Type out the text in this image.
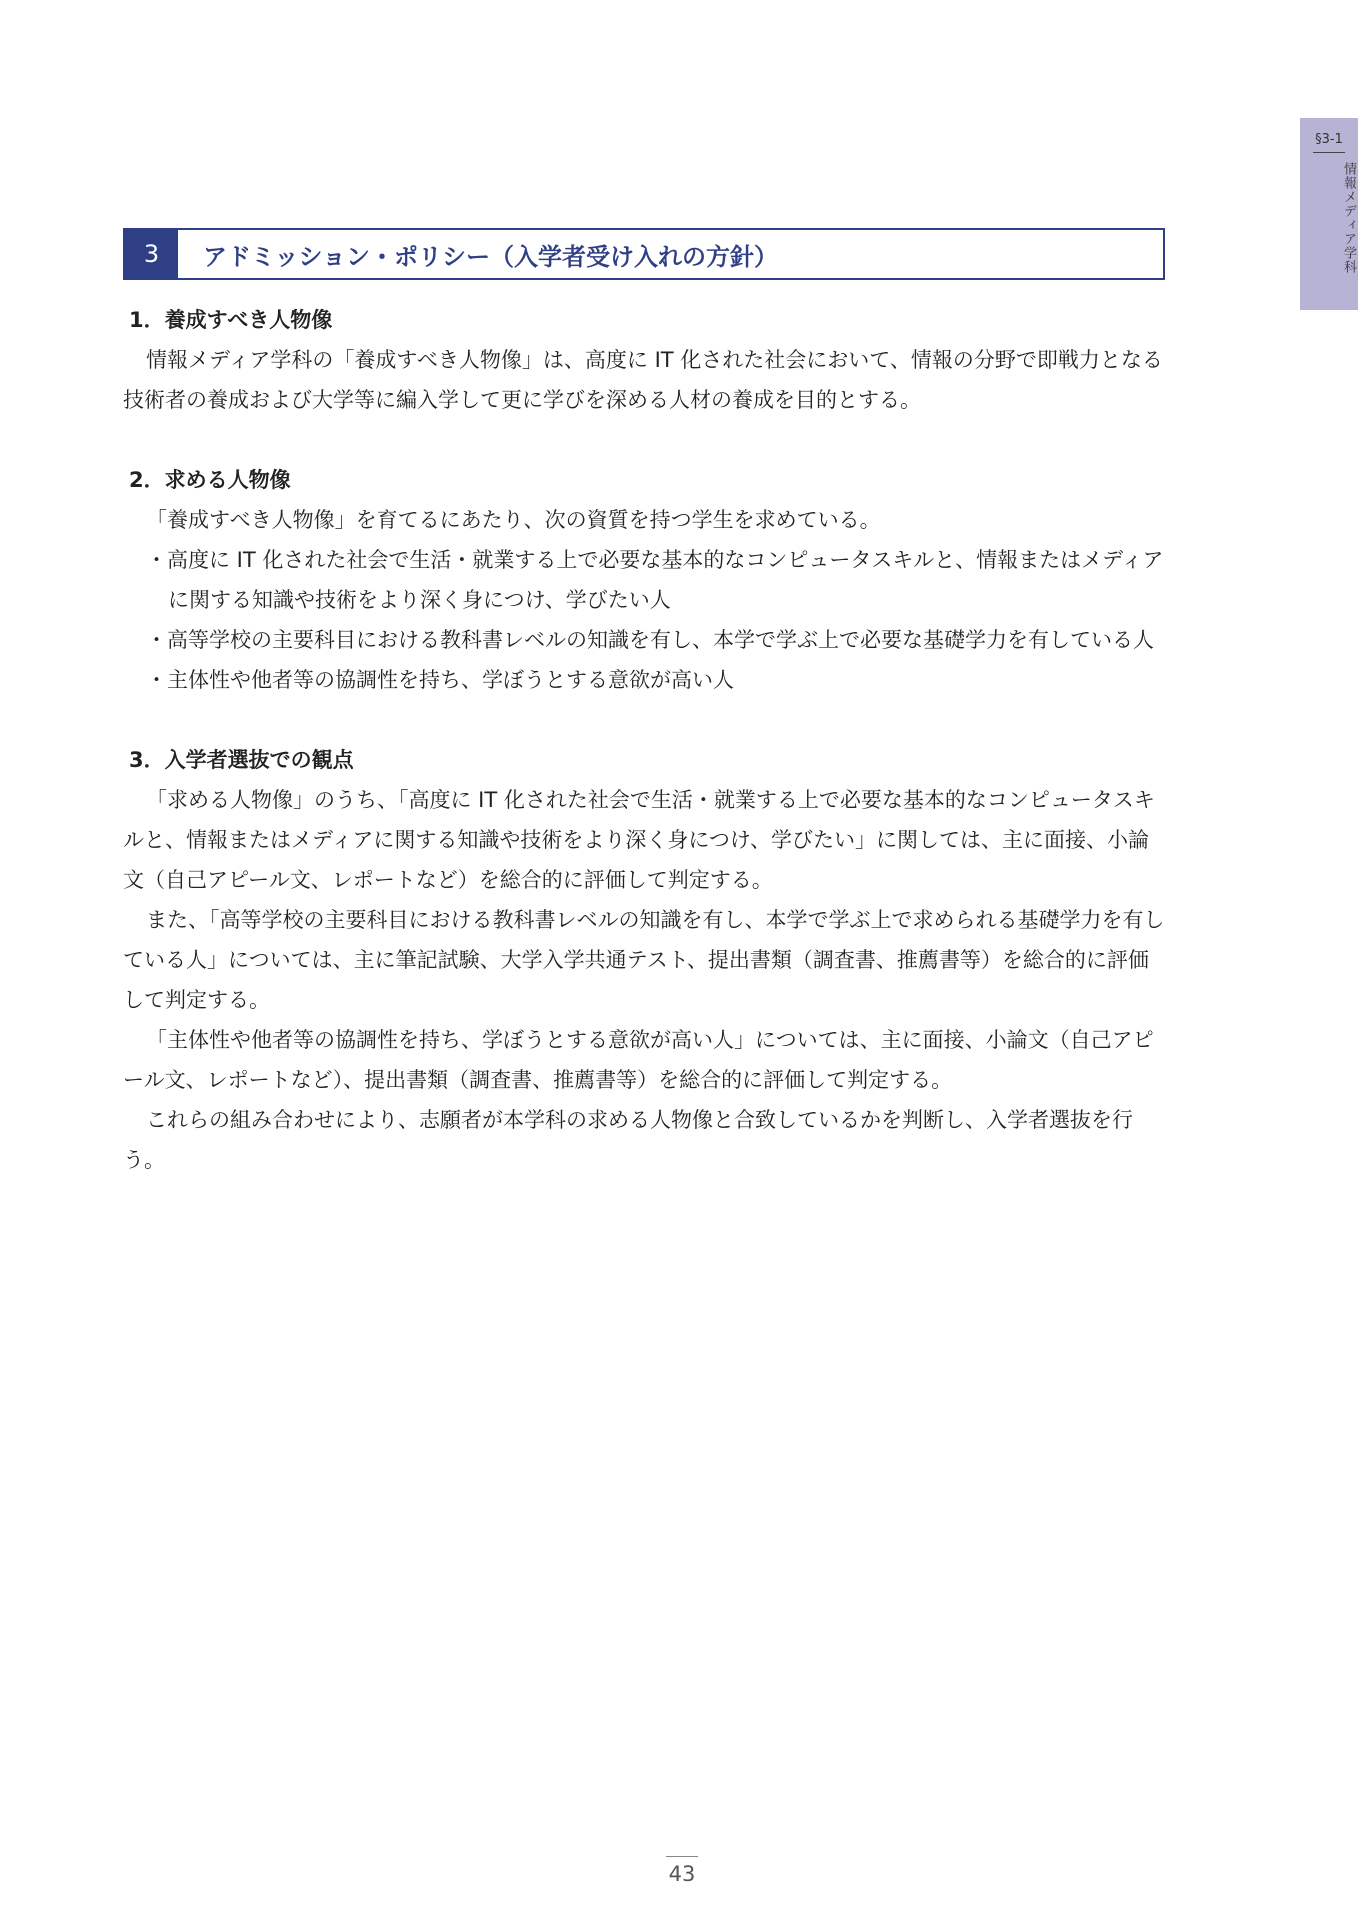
§3-1
情報メディア学科
3	アドミッション・ポリシー（入学者受け入れの方針）
1．養成すべき人物像

情報メディア学科の「養成すべき人物像」は、高度に IT 化された社会において、情報の分野で即戦力となる技術者の養成および大学等に編入学して更に学びを深める人材の養成を目的とする。

2．求める人物像

「養成すべき人物像」を育てるにあたり、次の資質を持つ学生を求めている。

・高度に IT 化された社会で生活・就業する上で必要な基本的なコンピュータスキルと、情報またはメディアに関する知識や技術をより深く身につけ、学びたい人

・高等学校の主要科目における教科書レベルの知識を有し、本学で学ぶ上で必要な基礎学力を有している人

・主体性や他者等の協調性を持ち、学ぼうとする意欲が高い人

3．入学者選抜での観点

「求める人物像」のうち、「高度に IT 化された社会で生活・就業する上で必要な基本的なコンピュータスキルと、情報またはメディアに関する知識や技術をより深く身につけ、学びたい」に関しては、主に面接、小論文（自己アピール文、レポートなど）を総合的に評価して判定する。

また、「高等学校の主要科目における教科書レベルの知識を有し、本学で学ぶ上で求められる基礎学力を有している人」については、主に筆記試験、大学入学共通テスト、提出書類（調査書、推薦書等）を総合的に評価して判定する。

「主体性や他者等の協調性を持ち、学ぼうとする意欲が高い人」については、主に面接、小論文（自己アピール文、レポートなど）、提出書類（調査書、推薦書等）を総合的に評価して判定する。

これらの組み合わせにより、志願者が本学科の求める人物像と合致しているかを判断し、入学者選抜を行う。

43
